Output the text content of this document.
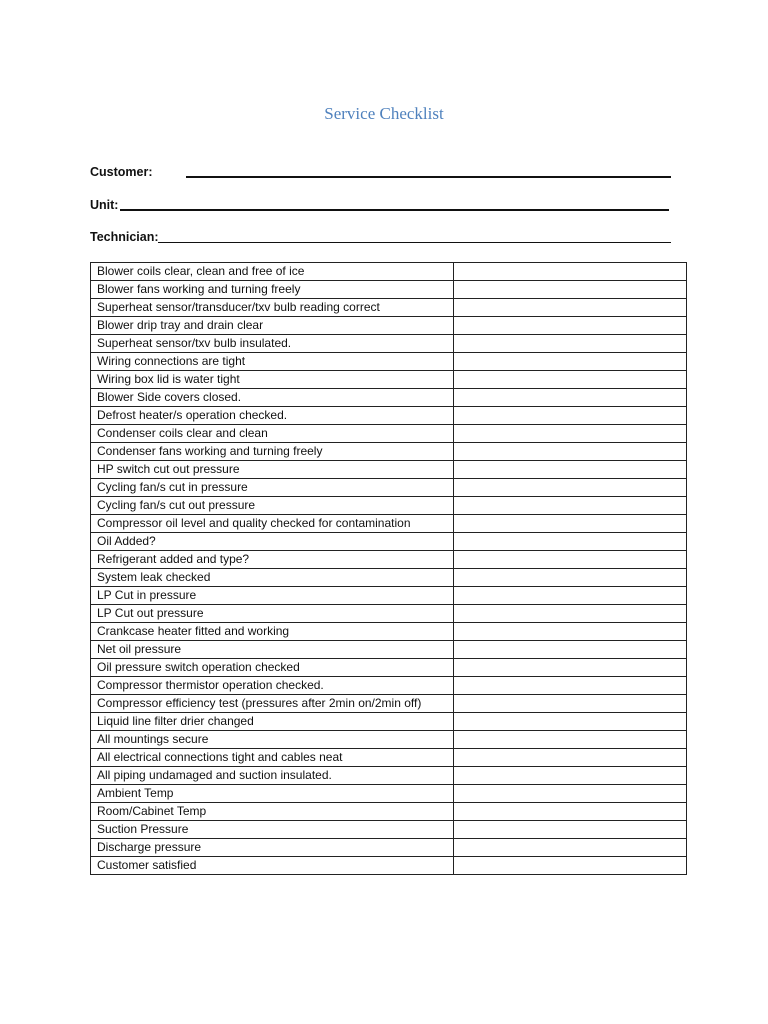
Service Checklist
Customer:
Unit:
Technician:
Blower coils clear, clean and free of ice	
Blower fans working and turning freely	
Superheat sensor/transducer/txv bulb reading correct	
Blower drip tray and drain clear	
Superheat sensor/txv bulb insulated.	
Wiring connections are tight	
Wiring box lid is water tight	
Blower Side covers closed.	
Defrost heater/s operation checked.	
Condenser coils clear and clean	
Condenser fans working and turning freely	
HP switch cut out pressure	
Cycling fan/s cut in pressure	
Cycling fan/s cut out pressure	
Compressor oil level and quality checked for contamination	
Oil Added?	
Refrigerant added and type?	
System leak checked	
LP Cut in pressure	
LP Cut out pressure	
Crankcase heater fitted and working	
Net oil pressure	
Oil pressure switch operation checked	
Compressor thermistor operation checked.	
Compressor efficiency test (pressures after 2min on/2min off)	
Liquid line filter drier changed	
All mountings secure	
All electrical connections tight and cables neat	
All piping undamaged and suction insulated.	
Ambient Temp	
Room/Cabinet Temp	
Suction Pressure	
Discharge pressure	
Customer satisfied	
